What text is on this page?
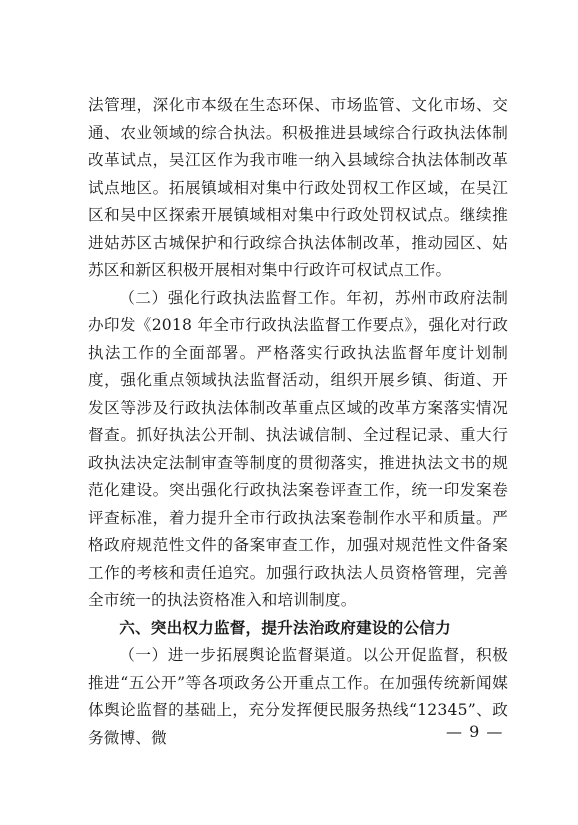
法管理，深化市本级在生态环保、市场监管、文化市场、交通、农业领域的综合执法。积极推进县域综合行政执法体制改革试点，吴江区作为我市唯一纳入县域综合执法体制改革试点地区。拓展镇域相对集中行政处罚权工作区域，在吴江区和吴中区探索开展镇域相对集中行政处罚权试点。继续推进姑苏区古城保护和行政综合执法体制改革，推动园区、姑苏区和新区积极开展相对集中行政许可权试点工作。

（二）强化行政执法监督工作。年初，苏州市政府法制办印发《2018 年全市行政执法监督工作要点》，强化对行政执法工作的全面部署。严格落实行政执法监督年度计划制度，强化重点领域执法监督活动，组织开展乡镇、街道、开发区等涉及行政执法体制改革重点区域的改革方案落实情况督查。抓好执法公开制、执法诚信制、全过程记录、重大行政执法决定法制审查等制度的贯彻落实，推进执法文书的规范化建设。突出强化行政执法案卷评查工作，统一印发案卷评查标准，着力提升全市行政执法案卷制作水平和质量。严格政府规范性文件的备案审查工作，加强对规范性文件备案工作的考核和责任追究。加强行政执法人员资格管理，完善全市统一的执法资格准入和培训制度。

六、突出权力监督，提升法治政府建设的公信力

（一）进一步拓展舆论监督渠道。以公开促监督，积极推进“五公开”等各项政务公开重点工作。在加强传统新闻媒体舆论监督的基础上，充分发挥便民服务热线“12345”、政务微博、微	— 9 —
